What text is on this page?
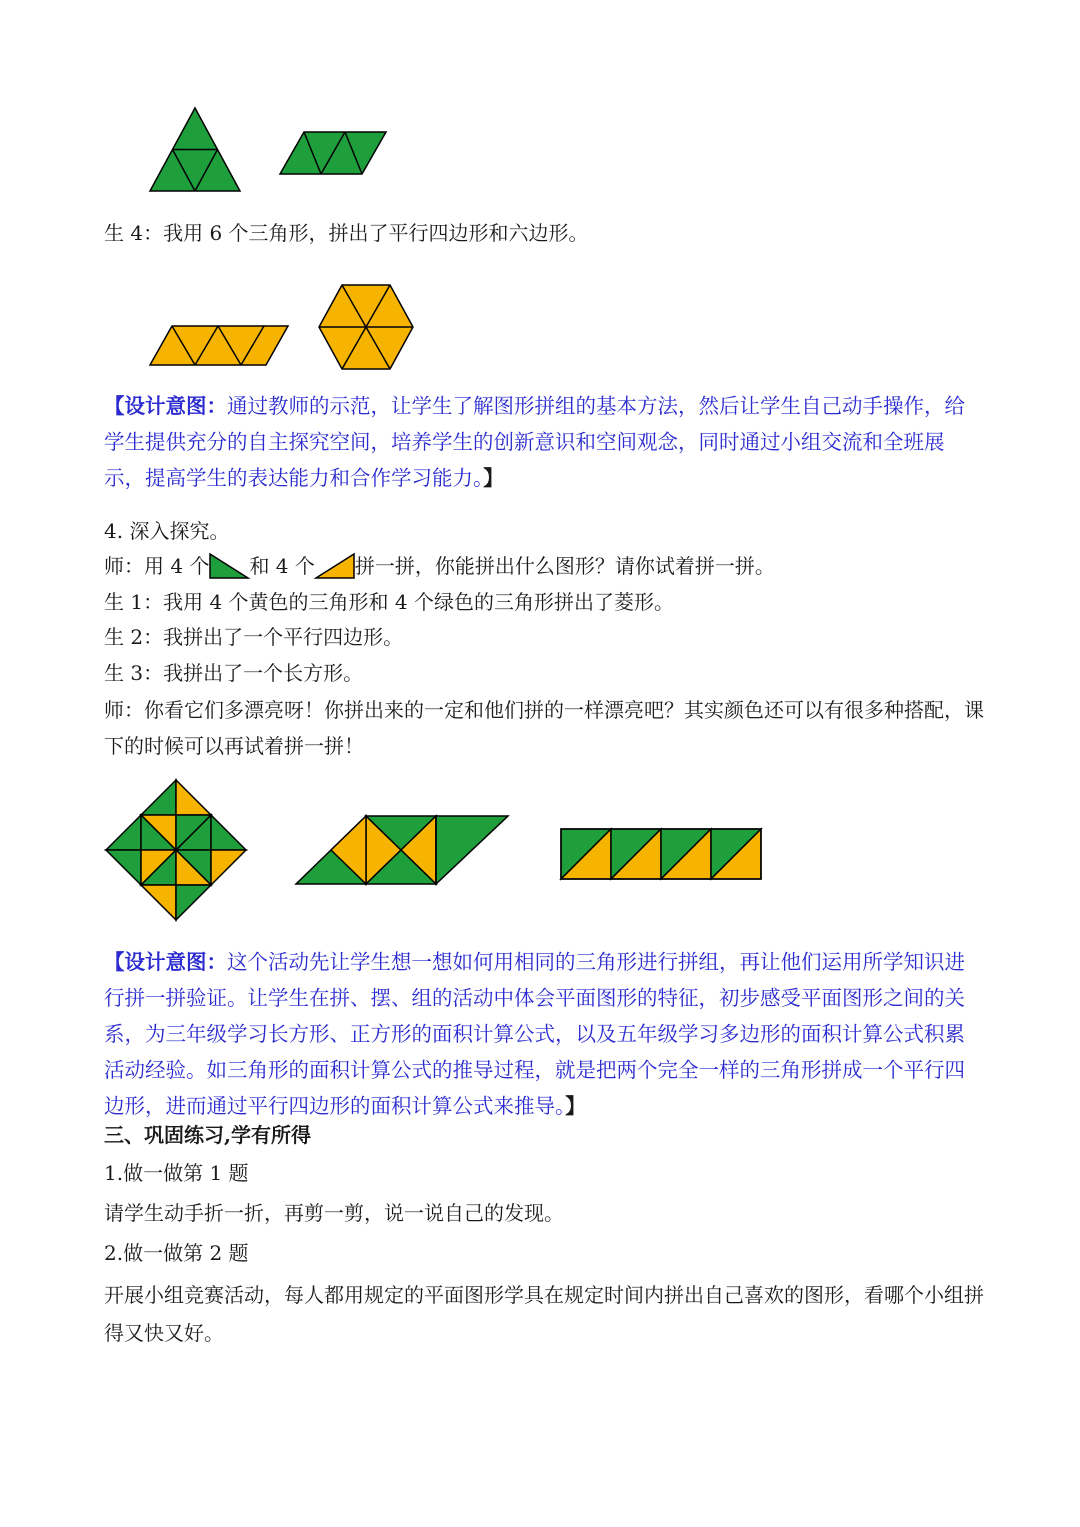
生 4：我用 6 个三角形，拼出了平行四边形和六边形。
【设计意图：通过教师的示范，让学生了解图形拼组的基本方法，然后让学生自己动手操作，给学生提供充分的自主探究空间，培养学生的创新意识和空间观念，同时通过小组交流和全班展示，提高学生的表达能力和合作学习能力。】
4. 深入探究。
师：用 4 个 和 4 个 拼一拼，你能拼出什么图形？请你试着拼一拼。
生 1：我用 4 个黄色的三角形和 4 个绿色的三角形拼出了菱形。
生 2：我拼出了一个平行四边形。
生 3：我拼出了一个长方形。
师：你看它们多漂亮呀！你拼出来的一定和他们拼的一样漂亮吧？其实颜色还可以有很多种搭配，课下的时候可以再试着拼一拼！
【设计意图：这个活动先让学生想一想如何用相同的三角形进行拼组，再让他们运用所学知识进行拼一拼验证。让学生在拼、摆、组的活动中体会平面图形的特征，初步感受平面图形之间的关系，为三年级学习长方形、正方形的面积计算公式，以及五年级学习多边形的面积计算公式积累活动经验。如三角形的面积计算公式的推导过程，就是把两个完全一样的三角形拼成一个平行四边形，进而通过平行四边形的面积计算公式来推导。】
三、巩固练习,学有所得
1.做一做第 1 题
请学生动手折一折，再剪一剪，说一说自己的发现。
2.做一做第 2 题
开展小组竞赛活动，每人都用规定的平面图形学具在规定时间内拼出自己喜欢的图形，看哪个小组拼得又快又好。
